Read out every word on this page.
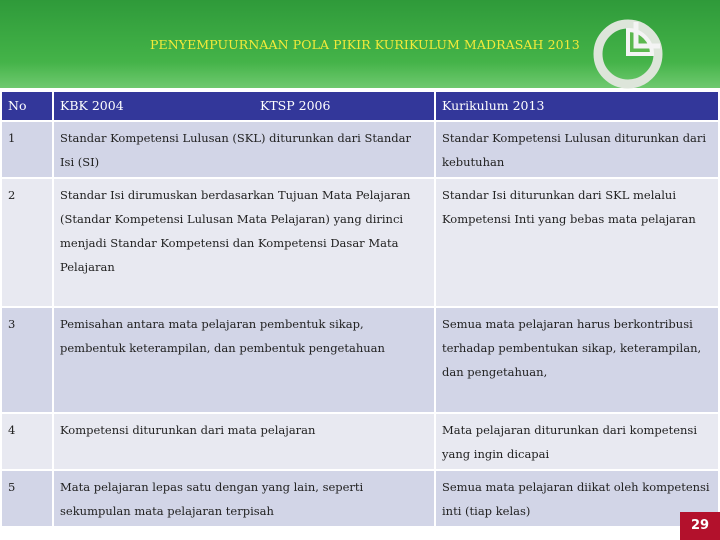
PENYEMPUURNAAN POLA PIKIR KURIKULUM MADRASAH 2013
No	KBK 2004 KTSP 2006	Kurikulum 2013
1	Standar Kompetensi Lulusan (SKL) diturunkan dari Standar Isi (SI)	Standar Kompetensi Lulusan diturunkan dari kebutuhan
2	Standar Isi dirumuskan berdasarkan Tujuan Mata Pelajaran (Standar Kompetensi Lulusan Mata Pelajaran) yang dirinci menjadi Standar Kompetensi dan Kompetensi Dasar Mata Pelajaran	Standar Isi diturunkan dari SKL melalui Kompetensi Inti yang bebas mata pelajaran
3	Pemisahan antara mata pelajaran pembentuk sikap, pembentuk keterampilan, dan pembentuk pengetahuan	Semua mata pelajaran harus berkontribusi terhadap pembentukan sikap, keterampilan, dan pengetahuan,
4	Kompetensi diturunkan dari mata pelajaran	Mata pelajaran diturunkan dari kompetensi yang ingin dicapai
5	Mata pelajaran lepas satu dengan yang lain, seperti sekumpulan mata pelajaran terpisah	Semua mata pelajaran diikat oleh kompetensi inti (tiap kelas)
29
